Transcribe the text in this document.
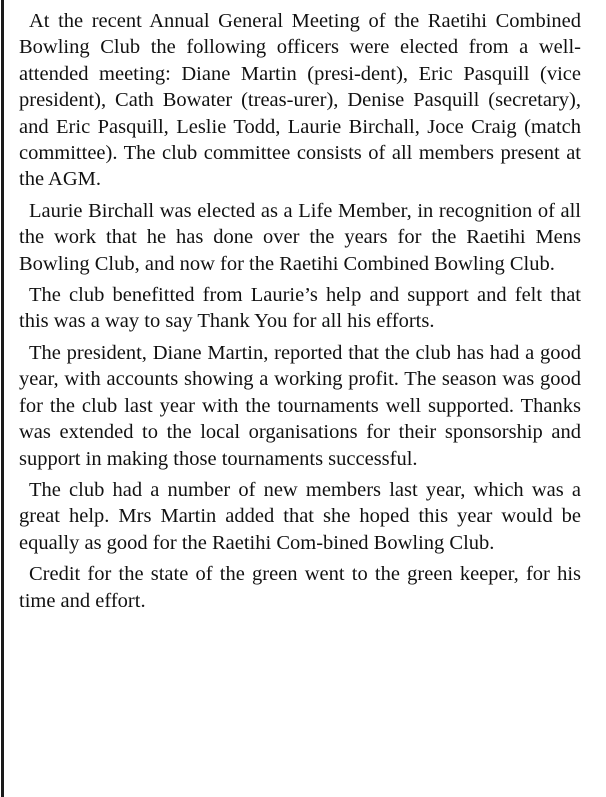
At the recent Annual General Meeting of the Raetihi Combined Bowling Club the following officers were elected from a well-attended meeting: Diane Martin (presi-dent), Eric Pasquill (vice president), Cath Bowater (treas-urer), Denise Pasquill (secretary), and Eric Pasquill, Leslie Todd, Laurie Birchall, Joce Craig (match committee). The club committee consists of all members present at the AGM.

Laurie Birchall was elected as a Life Member, in recognition of all the work that he has done over the years for the Raetihi Mens Bowling Club, and now for the Raetihi Combined Bowling Club.

The club benefitted from Laurie’s help and support and felt that this was a way to say Thank You for all his efforts.

The president, Diane Martin, reported that the club has had a good year, with accounts showing a working profit. The season was good for the club last year with the tournaments well supported. Thanks was extended to the local organisations for their sponsorship and support in making those tournaments successful.

The club had a number of new members last year, which was a great help. Mrs Martin added that she hoped this year would be equally as good for the Raetihi Com-bined Bowling Club.

Credit for the state of the green went to the green keeper, for his time and effort.
